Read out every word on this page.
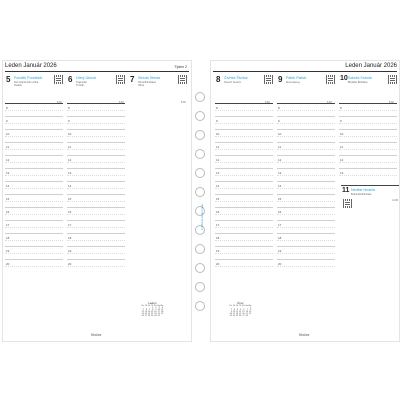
Leden Január 2026	Týden 2
5 Pondělí Pondelok
Deň pracovného voľna
Sviatok
6 Úterý Utorok
Traja králi
Tri králi
7 Středa Streda
Vilma Bohuslava
Vilma
6:00	6:30	6:30
8
9
10
11
12
13
14
15
16
17
18
19
20
8
9
10
11
12
13
14
15
16
17
18
19
20
Leden
Po	Út	St	Čt	Pá	So	Ne
			1	2	3	4
5	6	7	8	9	10	11
12	13	14	15	16	17	18
19	20	21	22	23	24	25
26	27	28	29	30	31	
filofax
iv filofax je vcxxb vt atoe
Leden Január 2026
8 Čtvrtek Štvrtok
Severín Severín	9 Pátek Piatok
Alexej Alexej
10 Sobota Sobota
Břetislav Bohdana
6:30	6:30	6:30
8
9
10
11
12
13
14
15
16
17
18
19
20
8
9
10
11
12
13
14
15
16
17
18
19
20
8
9
10
11
12
13
11 Neděle Nedeľa
Bohumila Bohuslav
11:30
Únor
Po	Út	St	Čt	Pá	So	Ne
						1
2	3	4	5	6	7	8
9	10	11	12	13	14	15
16	17	18	19	20	21	22
23	24	25	26	27	28	
filofax
